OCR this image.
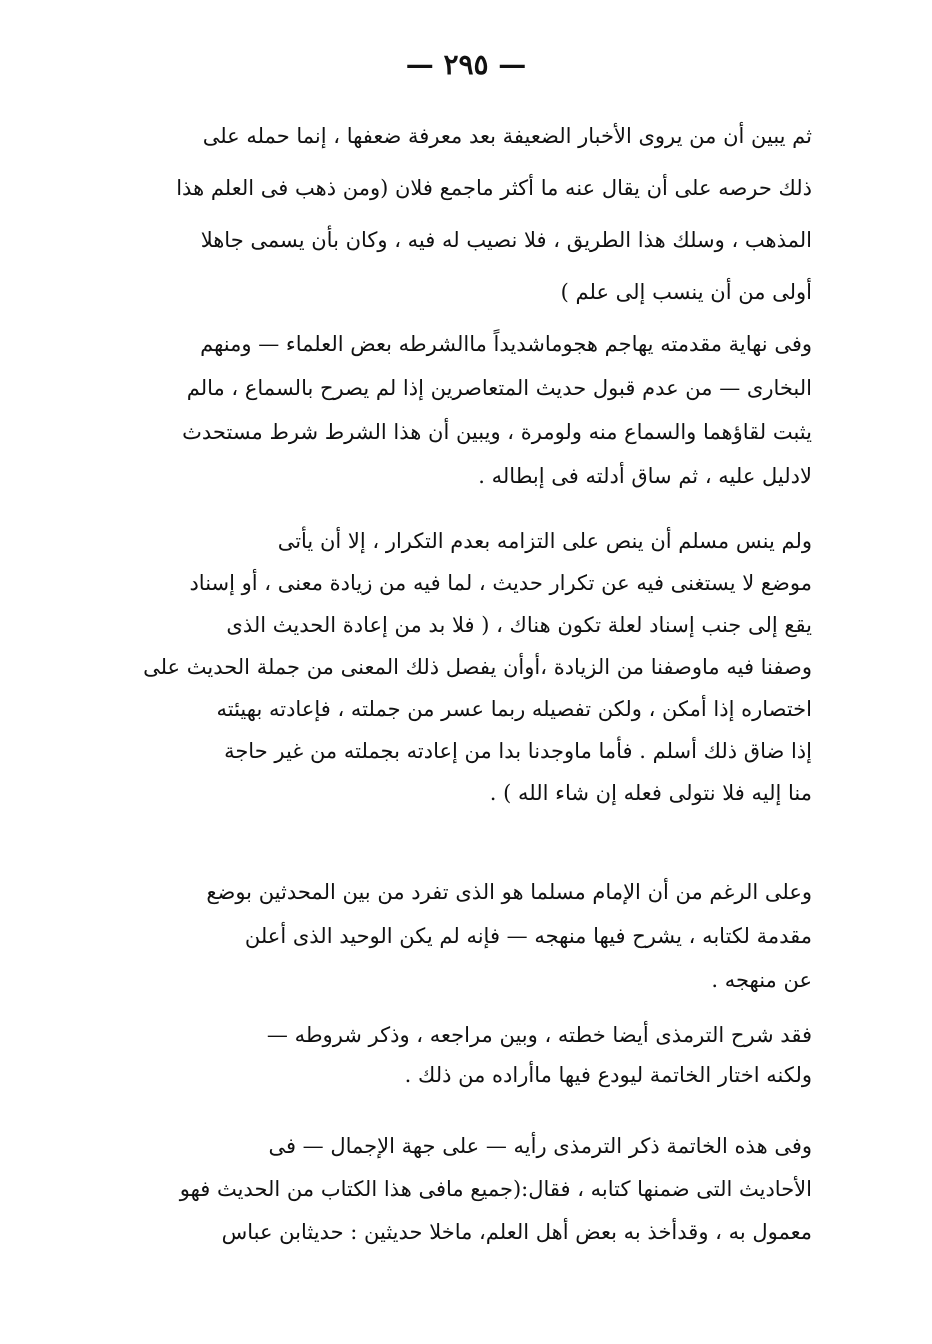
— ٢٩٥ —
ثم يبين أن من يروى الأخبار الضعيفة بعد معرفة ضعفها ، إنما حمله على
ذلك حرصه على أن يقال عنه ما أكثر ماجمع فلان (ومن ذهب فى العلم هذا
المذهب ، وسلك هذا الطريق ، فلا نصيب له فيه ، وكان بأن يسمى جاهلا
أولى من أن ينسب إلى علم )
وفى نهاية مقدمته يهاجم هجوماشديداً ماالشرطه بعض العلماء — ومنهم
البخارى — من عدم قبول حديث المتعاصرين إذا لم يصرح بالسماع ، مالم
يثبت لقاؤهما والسماع منه ولومرة ، ويبين أن هذا الشرط شرط مستحدث
لادليل عليه ، ثم ساق أدلته فى إبطاله .
ولم ينس مسلم أن ينص على التزامه بعدم التكرار ، إلا أن يأتى
موضع لا يستغنى فيه عن تكرار حديث ، لما فيه من زيادة معنى ، أو إسناد
يقع إلى جنب إسناد لعلة تكون هناك ، ( فلا بد من إعادة الحديث الذى
وصفنا فيه ماوصفنا من الزيادة ،أوأن يفصل ذلك المعنى من جملة الحديث على
اختصاره إذا أمكن ، ولكن تفصيله ربما عسر من جملته ، فإعادته بهيئته
إذا ضاق ذلك أسلم . فأما ماوجدنا بدا من إعادته بجملته من غير حاجة
منا إليه فلا نتولى فعله إن شاء الله ) .
وعلى الرغم من أن الإمام مسلما هو الذى تفرد من بين المحدثين بوضع
مقدمة لكتابه ، يشرح فيها منهجه — فإنه لم يكن الوحيد الذى أعلن
عن منهجه .
فقد شرح الترمذى أيضا خطته ، وبين مراجعه ، وذكر شروطه —
ولكنه اختار الخاتمة ليودع فيها ماأراده من ذلك .
وفى هذه الخاتمة ذكر الترمذى رأيه — على جهة الإجمال — فى
الأحاديث التى ضمنها كتابه ، فقال:(جميع مافى هذا الكتاب من الحديث فهو
معمول به ، وقدأخذ به بعض أهل العلم، ماخلا حديثين : حديثابن عباس
